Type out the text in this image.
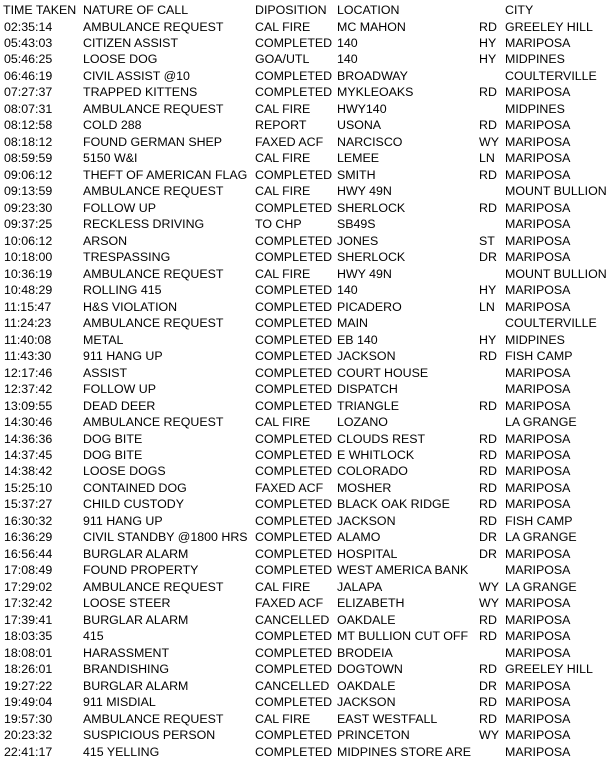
TIME TAKEN NATURE OF CALL	DIPOSITION LOCATION	CITY
02:35:14 AMBULANCE REQUEST	CAL FIRE MC MAHON	RD GREELEY HILL
05:43:03 CITIZEN ASSIST	COMPLETED 140	HY MARIPOSA
05:46:25 LOOSE DOG	GOA/UTL 140	HY MIDPINES
06:46:19 CIVIL ASSIST @10	COMPLETED BROADWAY	COULTERVILLE
07:27:37 TRAPPED KITTENS	COMPLETED MYKLEOAKS	RD MARIPOSA
08:07:31 AMBULANCE REQUEST	CAL FIRE HWY140	MIDPINES
08:12:58 COLD 288	REPORT USONA	RD MARIPOSA
08:18:12 FOUND GERMAN SHEP	FAXED ACF NARCISCO	WY MARIPOSA
08:59:59 5150 W&I	CAL FIRE LEMEE	LN MARIPOSA
09:06:12 THEFT OF AMERICAN FLAG COMPLETED SMITH	RD MARIPOSA
09:13:59 AMBULANCE REQUEST	CAL FIRE HWY 49N	MOUNT BULLION
09:23:30 FOLLOW UP	COMPLETED SHERLOCK	RD MARIPOSA
09:37:25 RECKLESS DRIVING	TO CHP	SB49S	MARIPOSA
10:06:12 ARSON	COMPLETED JONES	ST MARIPOSA
10:18:00 TRESPASSING	COMPLETED SHERLOCK	DR MARIPOSA
10:36:19 AMBULANCE REQUEST	CAL FIRE HWY 49N	MOUNT BULLION
10:48:29 ROLLING 415	COMPLETED 140	HY MARIPOSA
11:15:47	H&S VIOLATION	COMPLETED PICADERO	LN MARIPOSA
11:24:23	AMBULANCE REQUEST	COMPLETED MAIN	COULTERVILLE
11:40:08	METAL	COMPLETED EB 140	HY MIDPINES
11:43:30	911 HANG UP	COMPLETED JACKSON	RD FISH CAMP
12:17:46 ASSIST	COMPLETED COURT HOUSE	MARIPOSA
12:37:42 FOLLOW UP	COMPLETED DISPATCH	MARIPOSA
13:09:55 DEAD DEER	COMPLETED TRIANGLE	RD MARIPOSA
14:30:46 AMBULANCE REQUEST	CAL FIRE LOZANO	LA GRANGE
14:36:36 DOG BITE	COMPLETED CLOUDS REST	RD MARIPOSA
14:37:45 DOG BITE	COMPLETED E WHITLOCK	RD MARIPOSA
14:38:42 LOOSE DOGS	COMPLETED COLORADO	RD MARIPOSA
15:25:10 CONTAINED DOG	FAXED ACF MOSHER	RD MARIPOSA
15:37:27 CHILD CUSTODY	COMPLETED BLACK OAK RIDGE RD MARIPOSA
16:30:32 911 HANG UP	COMPLETED JACKSON	RD FISH CAMP
16:36:29 CIVIL STANDBY @1800 HRS COMPLETED ALAMO	DR LA GRANGE
16:56:44 BURGLAR ALARM	COMPLETED HOSPITAL	DR MARIPOSA
17:08:49 FOUND PROPERTY	COMPLETED WEST AMERICA BANK	MARIPOSA
17:29:02 AMBULANCE REQUEST	CAL FIRE JALAPA	WY LA GRANGE
17:32:42 LOOSE STEER	FAXED ACF ELIZABETH	WY MARIPOSA
17:39:41 BURGLAR ALARM	CANCELLED OAKDALE	RD MARIPOSA
18:03:35 415	COMPLETED MT BULLION CUT OFF RD MARIPOSA
18:08:01 HARASSMENT	COMPLETED BRODEIA	MARIPOSA
18:26:01 BRANDISHING	COMPLETED DOGTOWN	RD GREELEY HILL
19:27:22 BURGLAR ALARM	CANCELLED OAKDALE	DR MARIPOSA
19:49:04 911 MISDIAL	COMPLETED JACKSON	RD MARIPOSA
19:57:30 AMBULANCE REQUEST	CAL FIRE EAST WESTFALL	RD MARIPOSA
20:23:32 SUSPICIOUS PERSON	COMPLETED PRINCETON	WY MARIPOSA
22:41:17 415 YELLING	COMPLETED MIDPINES STORE ARE	MARIPOSA
